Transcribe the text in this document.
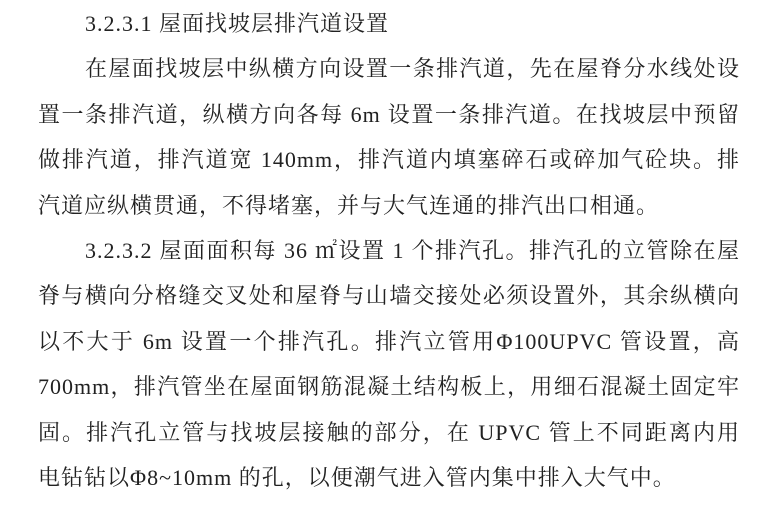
3.2.3.1 屋面找坡层排汽道设置
在屋面找坡层中纵横方向设置一条排汽道，先在屋脊分水线处设
置一条排汽道，纵横方向各每 6m 设置一条排汽道。在找坡层中预留
做排汽道，排汽道宽 140mm，排汽道内填塞碎石或碎加气砼块。排
汽道应纵横贯通，不得堵塞，并与大气连通的排汽出口相通。
3.2.3.2 屋面面积每 36 ㎡设置 1 个排汽孔。排汽孔的立管除在屋
脊与横向分格缝交叉处和屋脊与山墙交接处必须设置外，其余纵横向
以不大于 6m 设置一个排汽孔。排汽立管用Φ100UPVC 管设置，高
700mm，排汽管坐在屋面钢筋混凝土结构板上，用细石混凝土固定牢
固。排汽孔立管与找坡层接触的部分，在 UPVC 管上不同距离内用
电钻钻以Φ8~10mm 的孔，以便潮气进入管内集中排入大气中。
